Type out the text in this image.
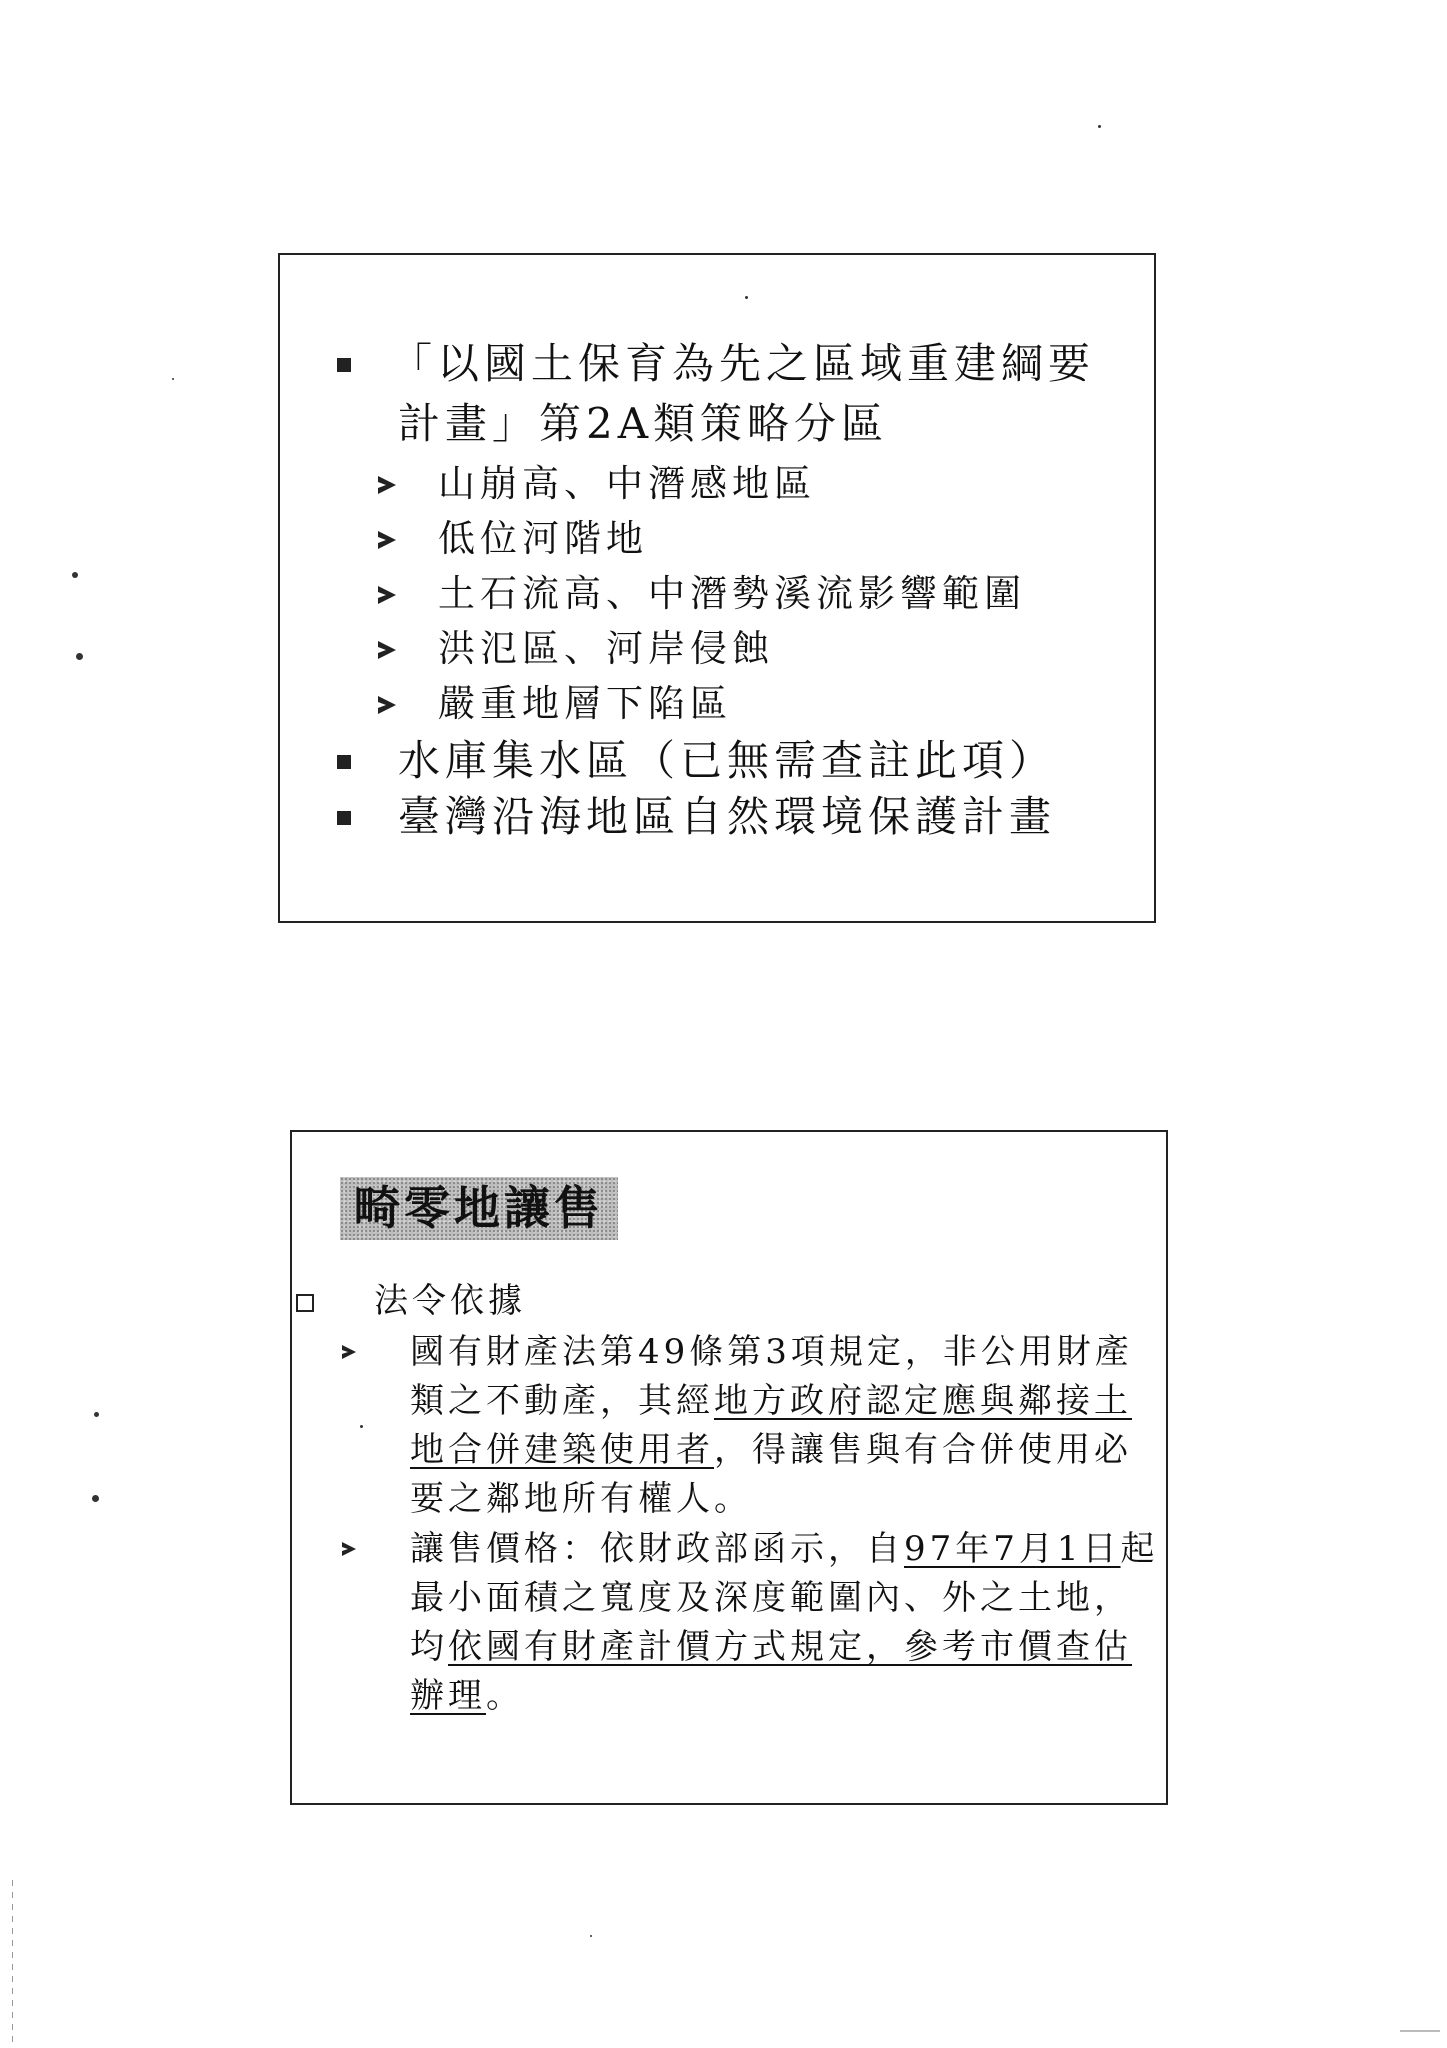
「以國土保育為先之區域重建綱要
計畫」第2A類策略分區
山崩高、中潛感地區
低位河階地
土石流高、中潛勢溪流影響範圍
洪氾區、河岸侵蝕
嚴重地層下陷區
水庫集水區（已無需查註此項）
臺灣沿海地區自然環境保護計畫
畸零地讓售
法令依據
國有財產法第49條第3項規定，非公用財產
類之不動產，其經地方政府認定應與鄰接土
地合併建築使用者，得讓售與有合併使用必
要之鄰地所有權人。
讓售價格：依財政部函示，自97年7月1日起
最小面積之寬度及深度範圍內、外之土地，
均依國有財產計價方式規定，參考市價查估
辦理。
